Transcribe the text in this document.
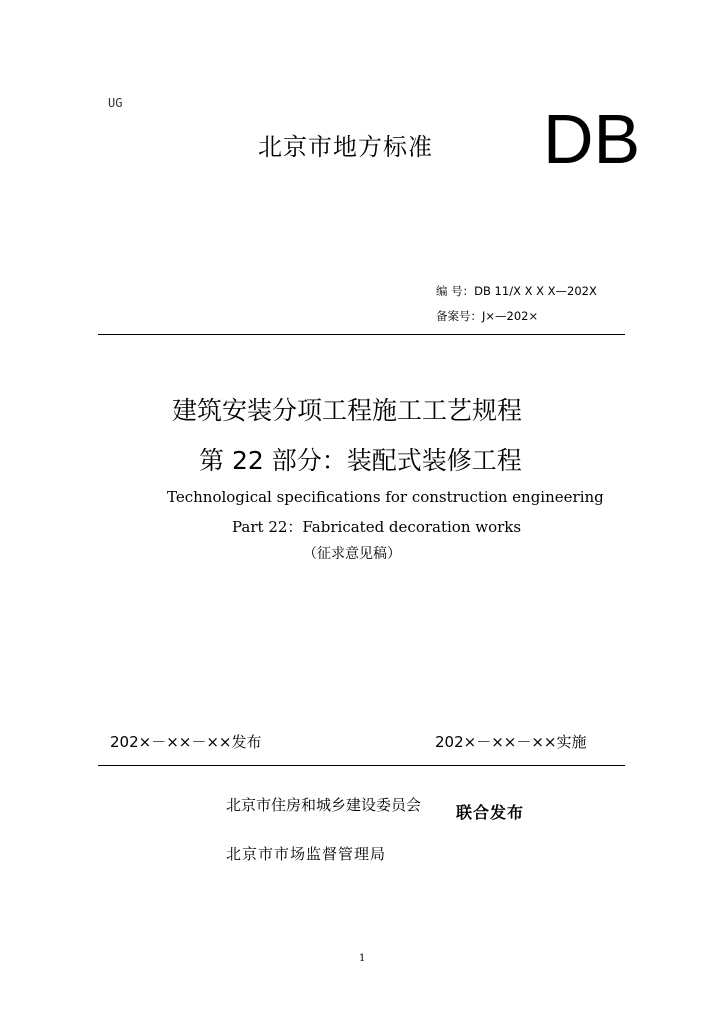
UG
北京市地方标准 DB
编 号：DB 11/X X X X—202X
备案号：J×—202×
建筑安装分项工程施工工艺规程
第 22 部分：装配式装修工程
Technological specifications for construction engineering
Part 22：Fabricated decoration works
（征求意见稿）
202×－××－××发布	202×－××－××实施
北京市住房和城乡建设委员会 联合发布
北京市市场监督管理局
1
